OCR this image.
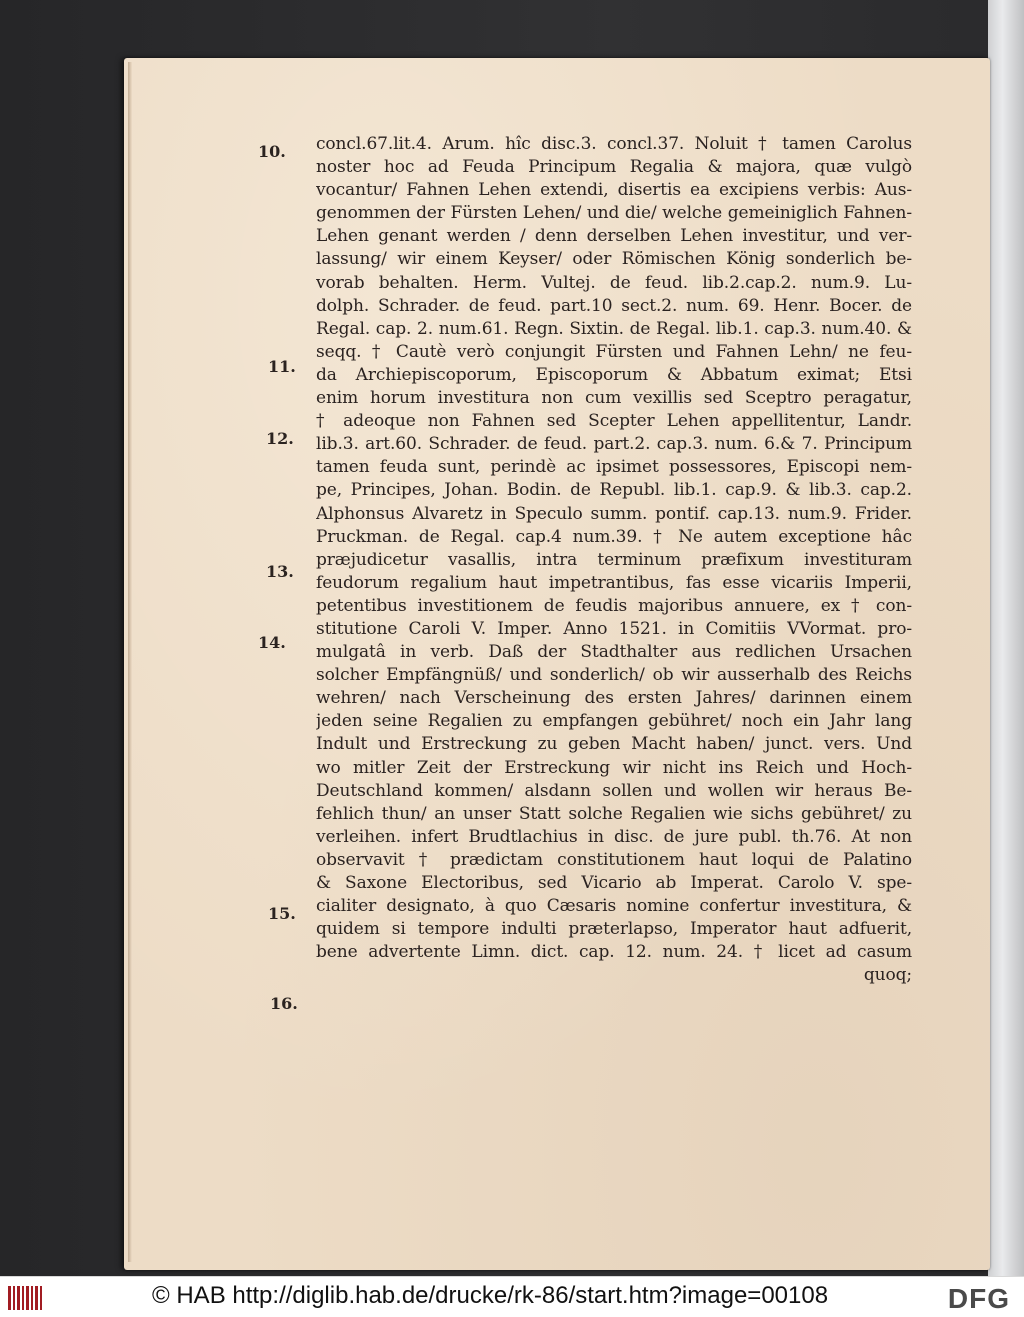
10.
11.
12.
13.
14.
15.
16.
concl.67.lit.4. Arum. hîc disc.3. concl.37. Noluit † tamen Carolus
noster hoc ad Feuda Principum Regalia & majora, quæ vulgò
vocantur/ Fahnen Lehen extendi, disertis ea excipiens verbis: Aus-
genommen der Fürsten Lehen/ und die/ welche gemeiniglich Fahnen-
Lehen genant werden / denn derselben Lehen investitur, und ver-
lassung/ wir einem Keyser/ oder Römischen König sonderlich be-
vorab behalten. Herm. Vultej. de feud. lib.2.cap.2. num.9. Lu-
dolph. Schrader. de feud. part.10 sect.2. num. 69. Henr. Bocer. de
Regal. cap. 2. num.61. Regn. Sixtin. de Regal. lib.1. cap.3. num.40. &
seqq. † Cautè verò conjungit Fürsten und Fahnen Lehn/ ne feu-
da Archiepiscoporum, Episcoporum & Abbatum eximat; Etsi
enim horum investitura non cum vexillis sed Sceptro peragatur,
† adeoque non Fahnen sed Scepter Lehen appellitentur, Landr.
lib.3. art.60. Schrader. de feud. part.2. cap.3. num. 6.& 7. Principum
tamen feuda sunt, perindè ac ipsimet possessores, Episcopi nem-
pe, Principes, Johan. Bodin. de Republ. lib.1. cap.9. & lib.3. cap.2.
Alphonsus Alvaretz in Speculo summ. pontif. cap.13. num.9. Frider.
Pruckman. de Regal. cap.4 num.39. † Ne autem exceptione hâc
præjudicetur vasallis, intra terminum præfixum investituram
feudorum regalium haut impetrantibus, fas esse vicariis Imperii,
petentibus investitionem de feudis majoribus annuere, ex † con-
stitutione Caroli V. Imper. Anno 1521. in Comitiis VVormat. pro-
mulgatâ in verb. Daß der Stadthalter aus redlichen Ursachen
solcher Empfängnüß/ und sonderlich/ ob wir ausserhalb des Reichs
wehren/ nach Verscheinung des ersten Jahres/ darinnen einem
jeden seine Regalien zu empfangen gebühret/ noch ein Jahr lang
Indult und Erstreckung zu geben Macht haben/ junct. vers. Und
wo mitler Zeit der Erstreckung wir nicht ins Reich und Hoch-
Deutschland kommen/ alsdann sollen und wollen wir heraus Be-
fehlich thun/ an unser Statt solche Regalien wie sichs gebühret/ zu
verleihen. infert Brudtlachius in disc. de jure publ. th.76. At non
observavit † prædictam constitutionem haut loqui de Palatino
& Saxone Electoribus, sed Vicario ab Imperat. Carolo V. spe-
cialiter designato, à quo Cæsaris nomine confertur investitura, &
quidem si tempore indulti præterlapso, Imperator haut adfuerit,
bene advertente Limn. dict. cap. 12. num. 24. † licet ad casum
quoq;
© HAB http://diglib.hab.de/drucke/rk-86/start.htm?image=00108	DFG
